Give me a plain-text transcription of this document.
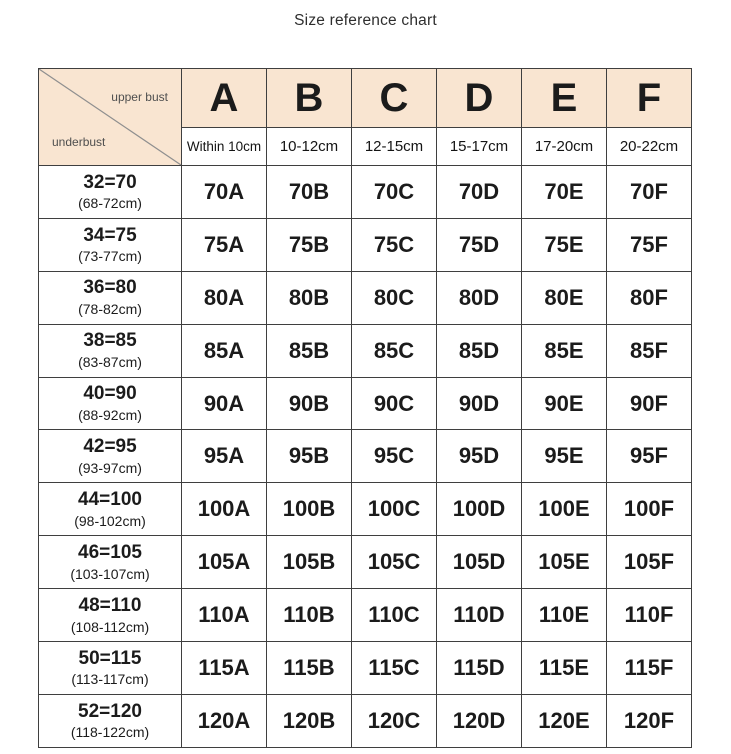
Size reference chart
upper bust
underbust
A	B	C	D	E	F
Within 10cm	10-12cm	12-15cm	15-17cm	17-20cm	20-22cm
32=70
(68-72cm)	70A	70B	70C	70D	70E	70F
34=75
(73-77cm)	75A	75B	75C	75D	75E	75F
36=80
(78-82cm)	80A	80B	80C	80D	80E	80F
38=85
(83-87cm)	85A	85B	85C	85D	85E	85F
40=90
(88-92cm)	90A	90B	90C	90D	90E	90F
42=95
(93-97cm)	95A	95B	95C	95D	95E	95F
44=100
(98-102cm)	100A	100B	100C	100D	100E	100F
46=105
(103-107cm)	105A	105B	105C	105D	105E	105F
48=110
(108-112cm)	110A	110B	110C	110D	110E	110F
50=115
(113-117cm)	115A	115B	115C	115D	115E	115F
52=120
(118-122cm)	120A	120B	120C	120D	120E	120F
